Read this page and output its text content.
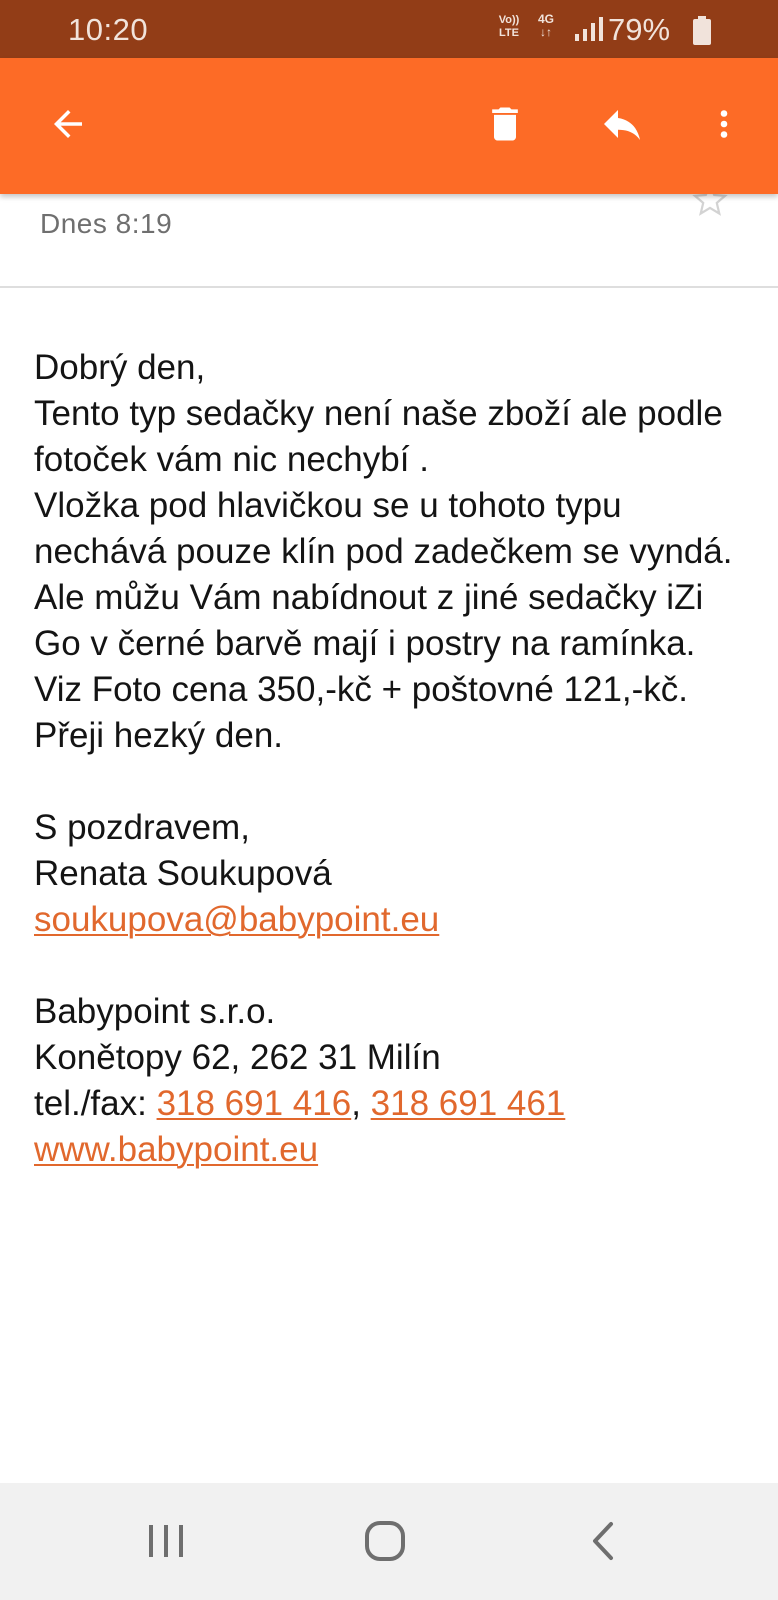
10:20	Vo))
LTE
4G
↓↑ 79%
Dnes 8:19
Dobrý den,
Tento typ sedačky není naše zboží ale podle fotoček vám nic nechybí .
Vložka pod hlavičkou se u tohoto typu nechává pouze klín pod zadečkem se vyndá.
Ale můžu Vám nabídnout z jiné sedačky iZi Go v černé barvě mají i postry na ramínka.
Viz Foto cena 350,-kč + poštovné 121,-kč.
Přeji hezký den.
S pozdravem,
Renata Soukupová
soukupova@babypoint.eu
Babypoint s.r.o.
Konětopy 62, 262 31 Milín
tel./fax: 318 691 416, 318 691 461
www.babypoint.eu
